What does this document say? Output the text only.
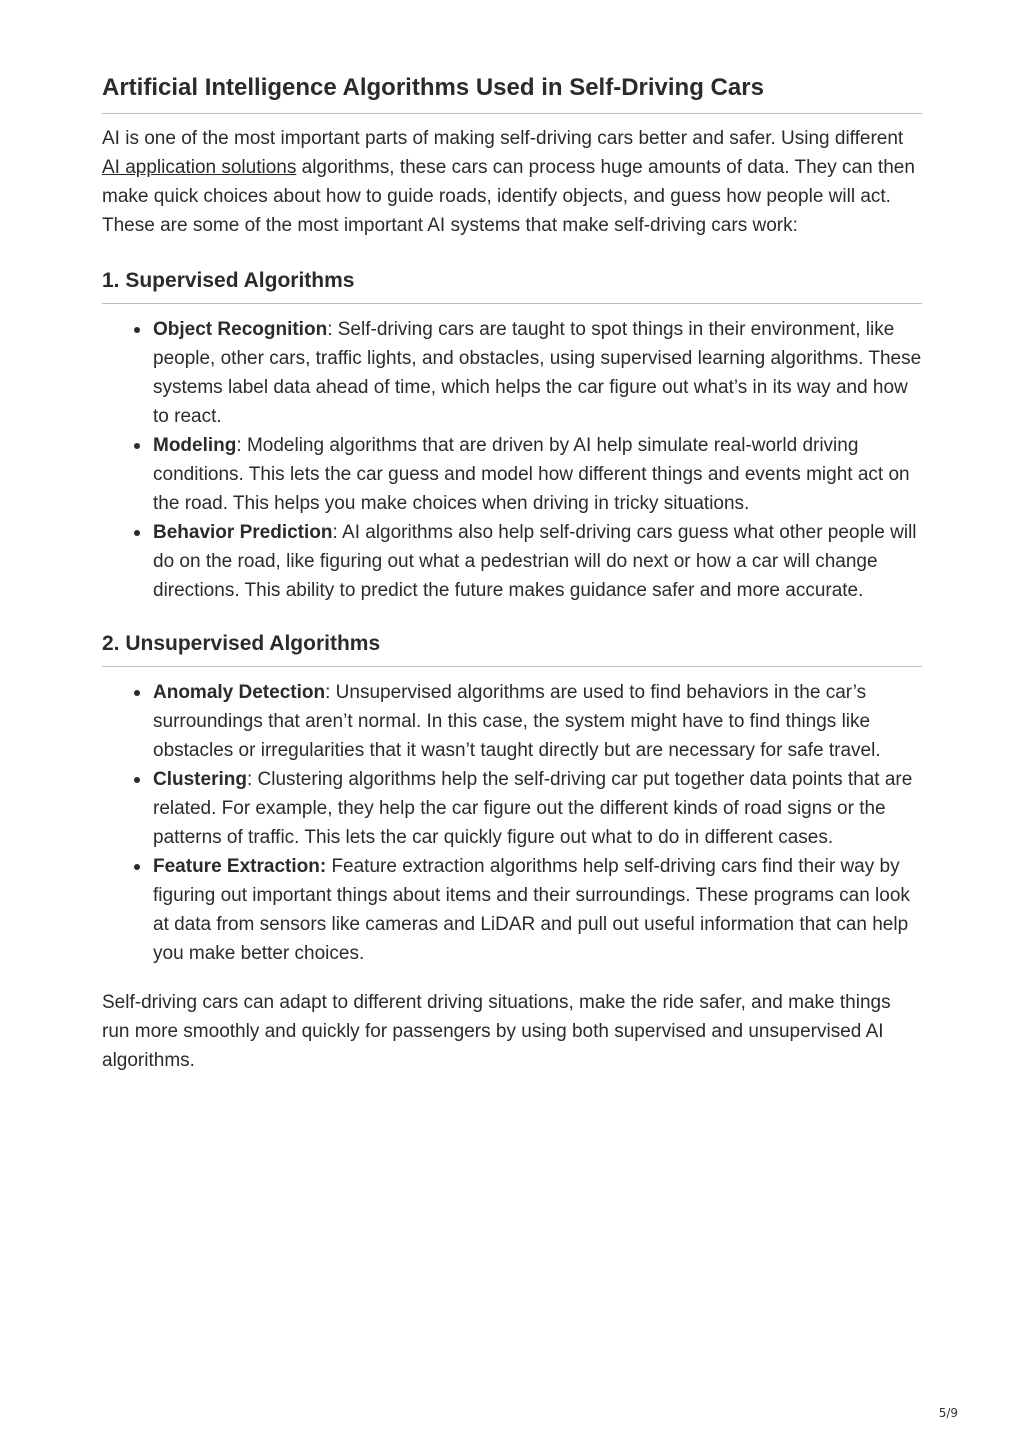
Artificial Intelligence Algorithms Used in Self-Driving Cars

AI is one of the most important parts of making self-driving cars better and safer. Using different AI application solutions algorithms, these cars can process huge amounts of data. They can then make quick choices about how to guide roads, identify objects, and guess how people will act. These are some of the most important AI systems that make self-driving cars work:

1. Supervised Algorithms
Object Recognition: Self-driving cars are taught to spot things in their environment, like people, other cars, traffic lights, and obstacles, using supervised learning algorithms. These systems label data ahead of time, which helps the car figure out what’s in its way and how to react.
Modeling: Modeling algorithms that are driven by AI help simulate real-world driving conditions. This lets the car guess and model how different things and events might act on the road. This helps you make choices when driving in tricky situations.
Behavior Prediction: AI algorithms also help self-driving cars guess what other people will do on the road, like figuring out what a pedestrian will do next or how a car will change directions. This ability to predict the future makes guidance safer and more accurate.
2. Unsupervised Algorithms
Anomaly Detection: Unsupervised algorithms are used to find behaviors in the car’s surroundings that aren’t normal. In this case, the system might have to find things like obstacles or irregularities that it wasn’t taught directly but are necessary for safe travel.
Clustering: Clustering algorithms help the self-driving car put together data points that are related. For example, they help the car figure out the different kinds of road signs or the patterns of traffic. This lets the car quickly figure out what to do in different cases.
Feature Extraction: Feature extraction algorithms help self-driving cars find their way by figuring out important things about items and their surroundings. These programs can look at data from sensors like cameras and LiDAR and pull out useful information that can help you make better choices.

Self-driving cars can adapt to different driving situations, make the ride safer, and make things run more smoothly and quickly for passengers by using both supervised and unsupervised AI algorithms.

5/9
